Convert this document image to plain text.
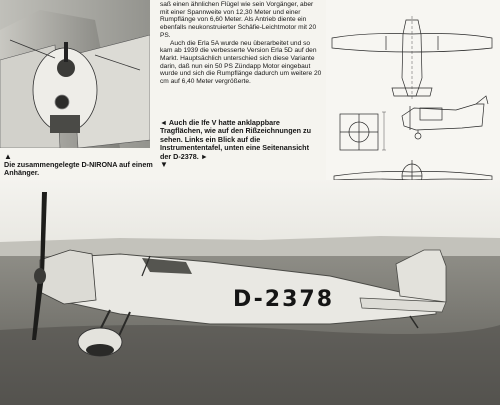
▲
Die zusammengelegte D-NIRONA auf einem Anhänger.
saß einen ähnlichen Flügel wie sein Vorgänger, aber mit einer Spannweite von 12,30 Meter und einer Rumpflänge von 6,60 Meter. Als Antrieb diente ein ebenfalls neukonstruierter Schäfie-Leichtmotor mit 20 PS.
Auch die Erla 5A wurde neu überarbeitet und so kam ab 1939 die verbesserte Version Erla 5D auf den Markt. Hauptsächlich unterschied sich diese Variante darin, daß nun ein 50 PS Zündapp Motor eingebaut wurde und sich die Rumpflänge dadurch um weitere 20 cm auf 6,40 Meter vergrößerte.
◄ Auch die Ife V hatte anklappbare Tragflächen, wie auf den Rißzeichnungen zu sehen. Links ein Blick auf die Instrumententafel, unten eine Seitenansicht der D-2378. ►
▼
D-2378
